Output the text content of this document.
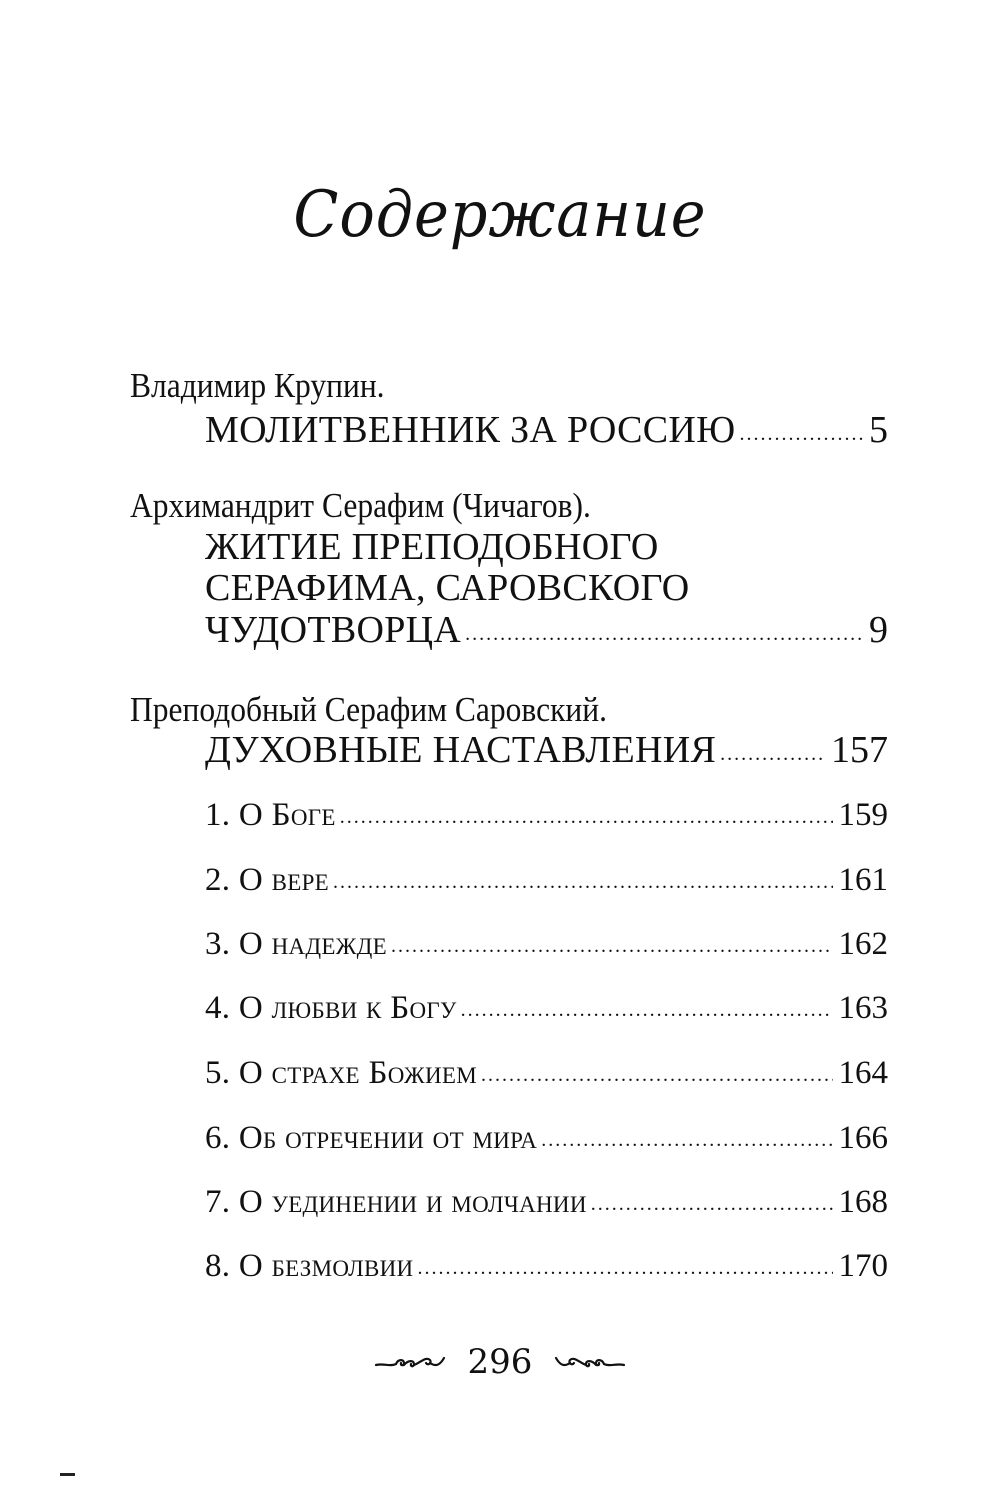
Содержание
Владимир Крупин.
МОЛИТВЕННИК ЗА РОССИЮ .....	5
Архимандрит Серафим (Чичагов).
ЖИТИЕ ПРЕПОДОБНОГО
СЕРАФИМА, САРОВСКОГО
ЧУДОТВОРЦА .....	9
Преподобный Серафим Саровский.
ДУХОВНЫЕ НАСТАВЛЕНИЯ .....	157
1. О Боге .....	159
2. О вере .....	161
3. О надежде .....	162
4. О любви к Богу .....	163
5. О страхе Божием .....	164
6. Об отречении от мира .....	166
7. О уединении и молчании .....	168
8. О безмолвии .....	170
296
